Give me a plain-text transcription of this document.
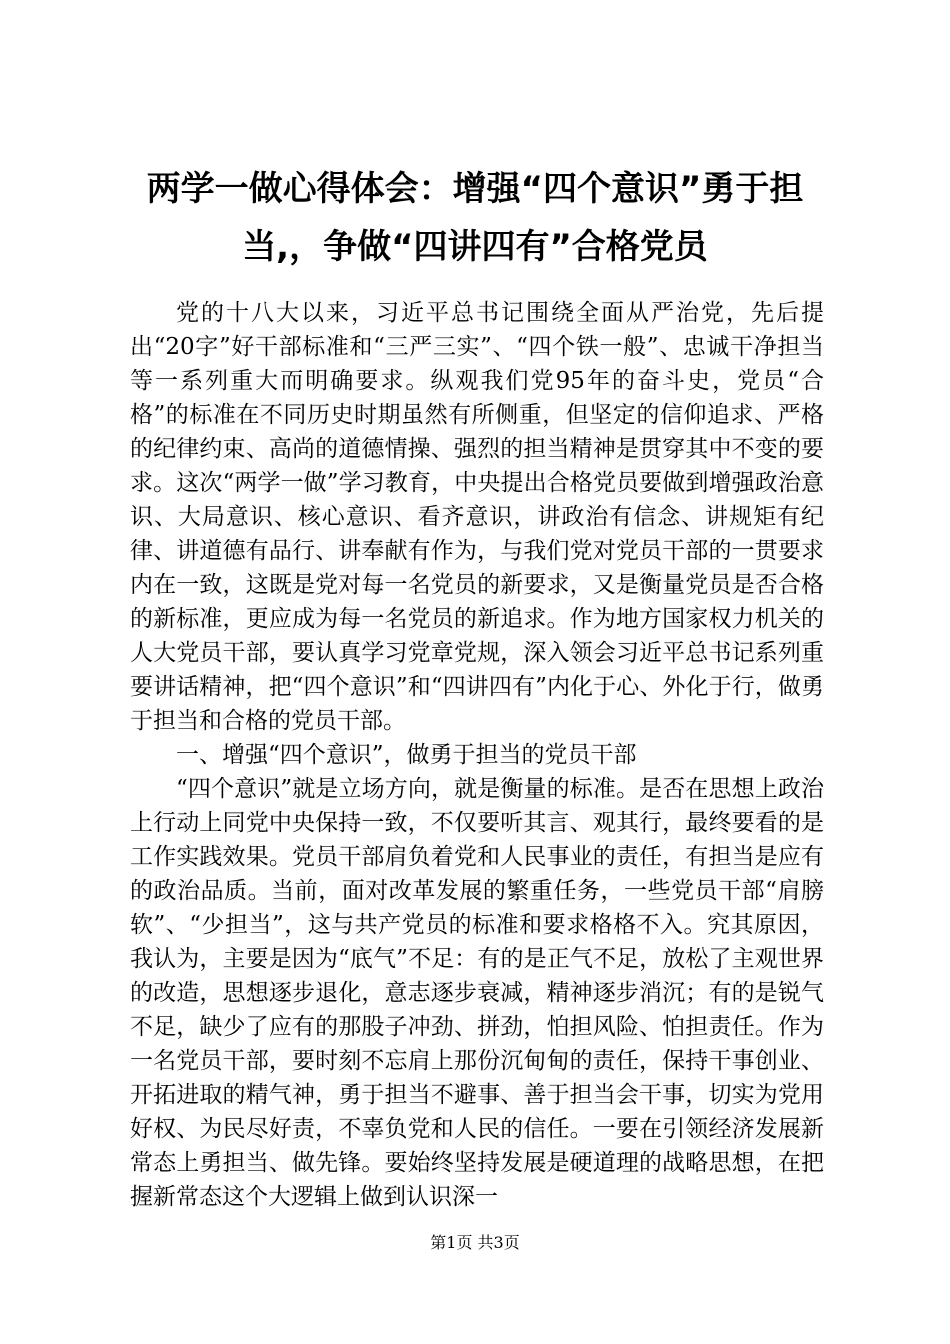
两学一做心得体会：增强“四个意识”勇于担
当,，争做“四讲四有”合格党员

党的十八大以来，习近平总书记围绕全面从严治党，先后提出“20字”好干部标准和“三严三实”、“四个铁一般”、忠诚干净担当等一系列重大而明确要求。纵观我们党95年的奋斗史，党员“合格”的标准在不同历史时期虽然有所侧重，但坚定的信仰追求、严格的纪律约束、高尚的道德情操、强烈的担当精神是贯穿其中不变的要求。这次“两学一做”学习教育，中央提出合格党员要做到增强政治意识、大局意识、核心意识、看齐意识，讲政治有信念、讲规矩有纪律、讲道德有品行、讲奉献有作为，与我们党对党员干部的一贯要求内在一致，这既是党对每一名党员的新要求，又是衡量党员是否合格的新标准，更应成为每一名党员的新追求。作为地方国家权力机关的人大党员干部，要认真学习党章党规，深入领会习近平总书记系列重要讲话精神，把“四个意识”和“四讲四有”内化于心、外化于行，做勇于担当和合格的党员干部。

一、增强“四个意识”，做勇于担当的党员干部

“四个意识”就是立场方向，就是衡量的标准。是否在思想上政治上行动上同党中央保持一致，不仅要听其言、观其行，最终要看的是工作实践效果。党员干部肩负着党和人民事业的责任，有担当是应有的政治品质。当前，面对改革发展的繁重任务，一些党员干部“肩膀软”、“少担当”，这与共产党员的标准和要求格格不入。究其原因，我认为，主要是因为“底气”不足：有的是正气不足，放松了主观世界的改造，思想逐步退化，意志逐步衰减，精神逐步消沉；有的是锐气不足，缺少了应有的那股子冲劲、拼劲，怕担风险、怕担责任。作为一名党员干部，要时刻不忘肩上那份沉甸甸的责任，保持干事创业、开拓进取的精气神，勇于担当不避事、善于担当会干事，切实为党用好权、为民尽好责，不辜负党和人民的信任。一要在引领经济发展新常态上勇担当、做先锋。要始终坚持发展是硬道理的战略思想，在把握新常态这个大逻辑上做到认识深一

第1页 共3页
